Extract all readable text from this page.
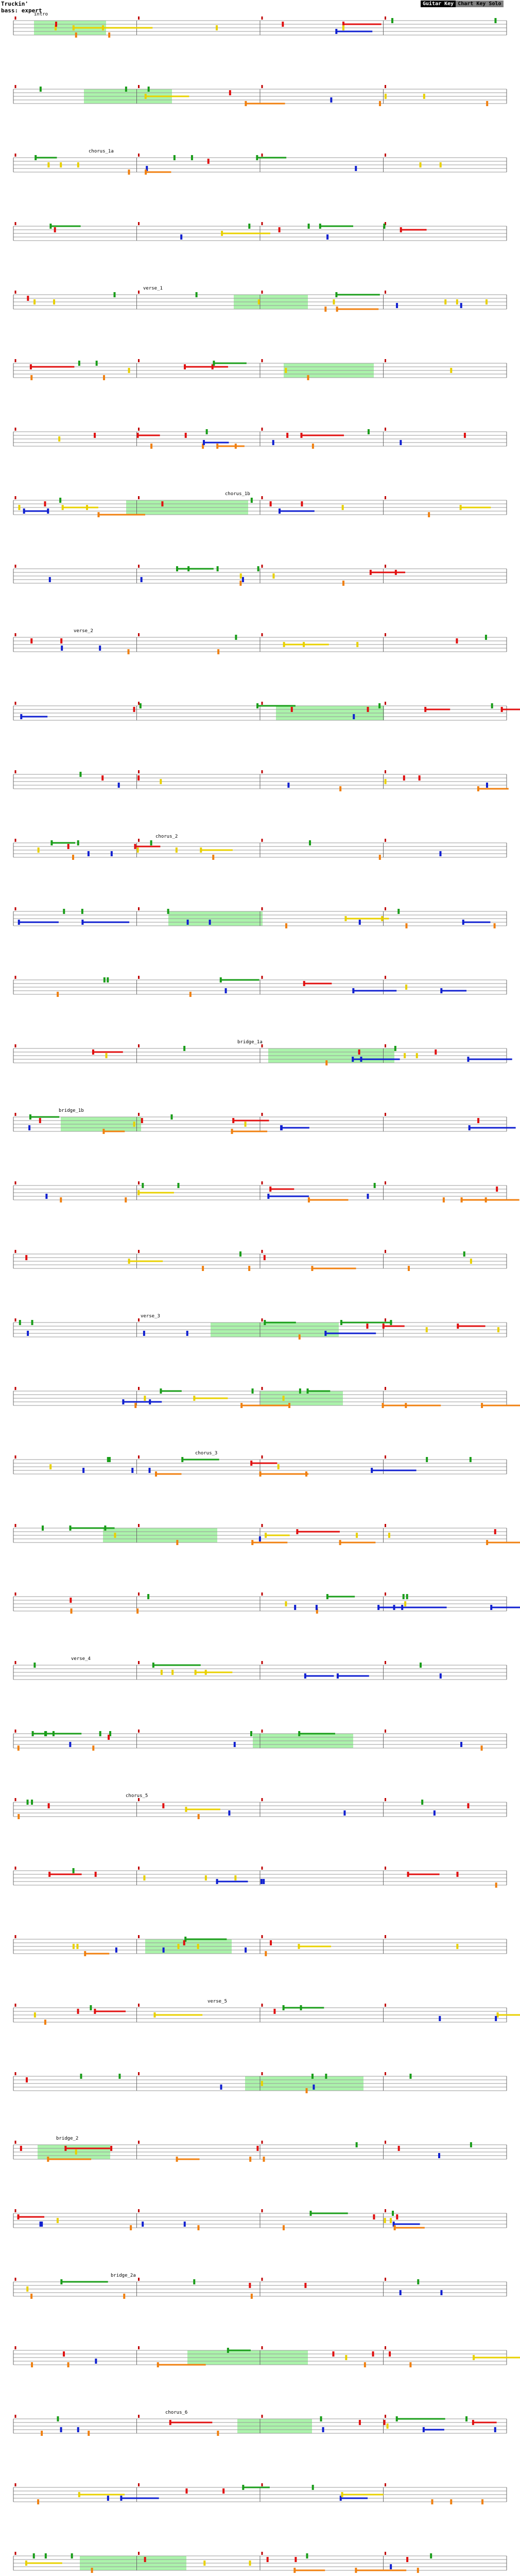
Truckin'
bass: expert
Guitar Key Chart Key Solo
intro
chorus_1a
verse_1
chorus_1b
verse_2
chorus_2
bridge_1a
bridge_1b
verse_3
chorus_3
verse_4
chorus_5
verse_5
bridge_2
bridge_2a
chorus_6
